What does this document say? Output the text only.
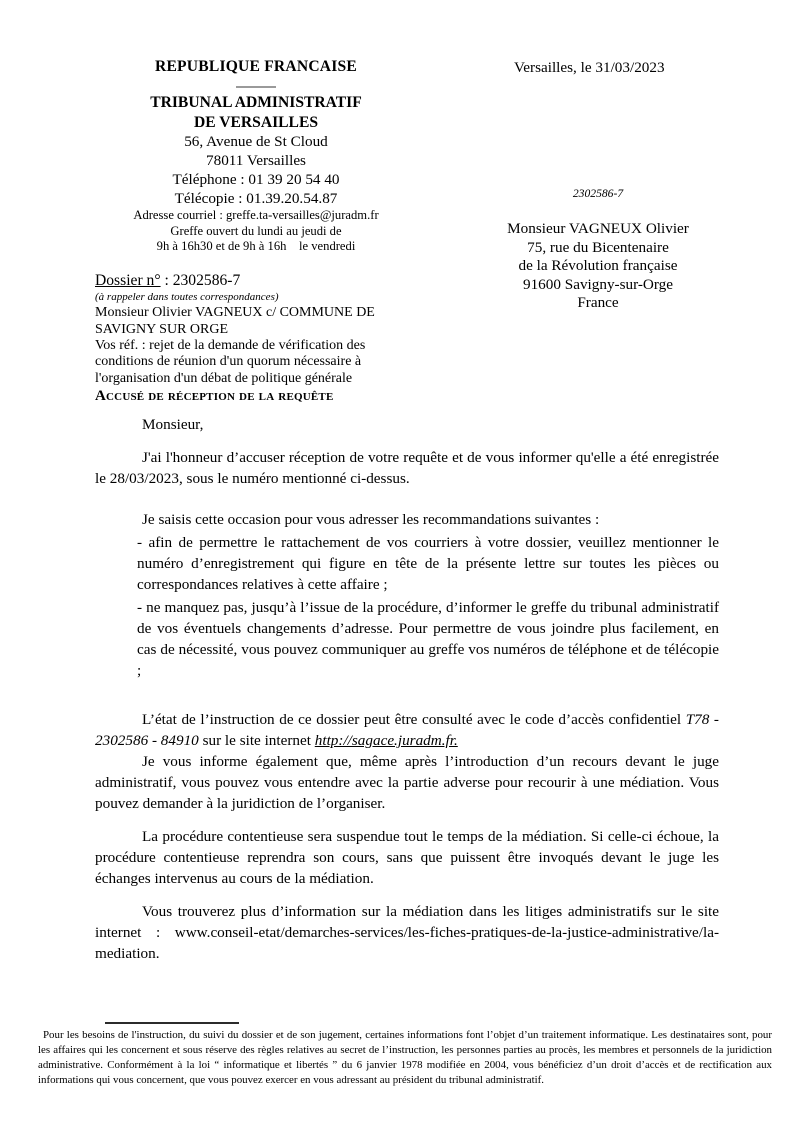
REPUBLIQUE FRANCAISE
TRIBUNAL ADMINISTRATIF
DE VERSAILLES
56, Avenue de St Cloud
78011 Versailles
Téléphone : 01 39 20 54 40
Télécopie : 01.39.20.54.87
Adresse courriel : greffe.ta-versailles@juradm.fr
Greffe ouvert du lundi au jeudi de
9h à 16h30 et de 9h à 16h    le vendredi
Versailles, le 31/03/2023
2302586-7
Monsieur VAGNEUX Olivier
75, rue du Bicentenaire
de la Révolution française
91600 Savigny-sur-Orge
France
Dossier n° : 2302586-7
(à rappeler dans toutes correspondances)
Monsieur Olivier VAGNEUX c/ COMMUNE DE SAVIGNY SUR ORGE
Vos réf. : rejet de la demande de vérification des conditions de réunion d'un quorum nécessaire à l'organisation d'un débat de politique générale
Accusé de réception de la requête

Monsieur,

J'ai l'honneur d’accuser réception de votre requête et de vous informer qu'elle a été enregistrée le 28/03/2023, sous le numéro mentionné ci-dessus.

Je saisis cette occasion pour vous adresser les recommandations suivantes :

- afin de permettre le rattachement de vos courriers à votre dossier, veuillez mentionner le numéro d’enregistrement qui figure en tête de la présente lettre sur toutes les pièces ou correspondances relatives à cette affaire ;

- ne manquez pas, jusqu’à l’issue de la procédure, d’informer le greffe du tribunal administratif de vos éventuels changements d’adresse. Pour permettre de vous joindre plus facilement, en cas de nécessité, vous pouvez communiquer au greffe vos numéros de téléphone et de télécopie ;

L’état de l’instruction de ce dossier peut être consulté avec le code d’accès confidentiel T78 - 2302586 - 84910 sur le site internet http://sagace.juradm.fr.

Je vous informe également que, même après l’introduction d’un recours devant le juge administratif, vous pouvez vous entendre avec la partie adverse pour recourir à une médiation. Vous pouvez demander à la juridiction de l’organiser.

La procédure contentieuse sera suspendue tout le temps de la médiation. Si celle-ci échoue, la procédure contentieuse reprendra son cours, sans que puissent être invoqués devant le juge les échanges intervenus au cours de la médiation.

Vous trouverez plus d’information sur la médiation dans les litiges administratifs sur le site internet : www.conseil-etat/demarches-services/les-fiches-pratiques-de-la-justice-administrative/la-mediation.

Pour les besoins de l'instruction, du suivi du dossier et de son jugement, certaines informations font l’objet d’un traitement informatique. Les destinataires sont, pour les affaires qui les concernent et sous réserve des règles relatives au secret de l’instruction, les personnes parties au procès, les membres et personnels de la juridiction administrative. Conformément à la loi “ informatique et libertés ” du 6 janvier 1978 modifiée en 2004, vous bénéficiez d’un droit d’accès et de rectification aux informations qui vous concernent, que vous pouvez exercer en vous adressant au président du tribunal administratif.
